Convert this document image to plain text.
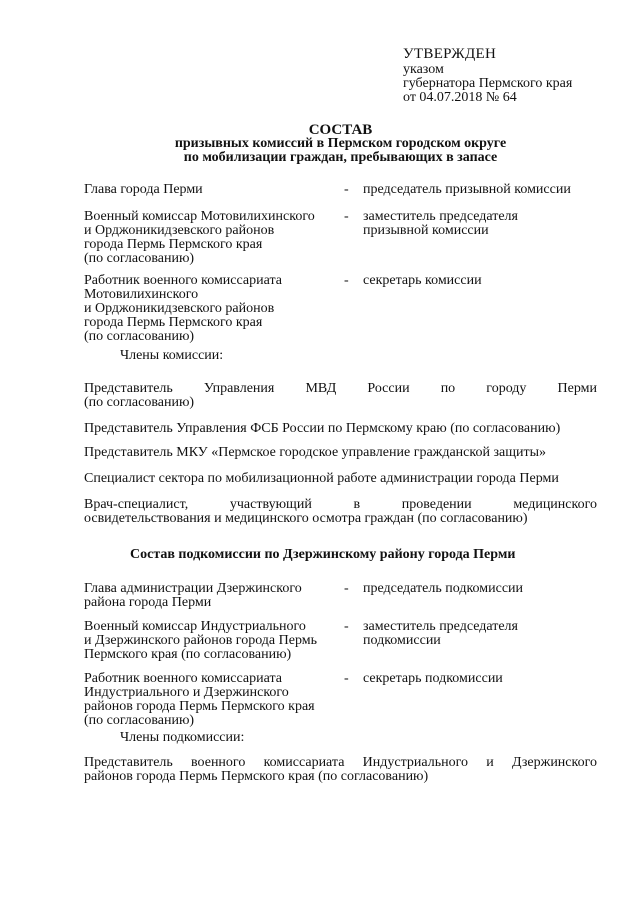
УТВЕРЖДЕН
указом
губернатора Пермского края
от 04.07.2018 № 64
СОСТАВ
призывных комиссий в Пермском городском округе
по мобилизации граждан, пребывающих в запасе
Глава города Перми	- председатель призывной комиссии
Военный комиссар Мотовилихинского
и Орджоникидзевского районов
города Пермь Пермского края
(по согласованию)
- заместитель председателя
призывной комиссии
Работник военного комиссариата
Мотовилихинского
и Орджоникидзевского районов
города Пермь Пермского края
(по согласованию)
- секретарь комиссии
Члены комиссии:
Представитель Управления МВД России по городу Перми
(по согласованию)
Представитель Управления ФСБ России по Пермскому краю (по согласованию)
Представитель МКУ «Пермское городское управление гражданской защиты»
Специалист сектора по мобилизационной работе администрации города Перми
Врач-специалист, участвующий в проведении медицинского
освидетельствования и медицинского осмотра граждан (по согласованию)
Состав подкомиссии по Дзержинскому району города Перми
Глава администрации Дзержинского
района города Перми
- председатель подкомиссии
Военный комиссар Индустриального
и Дзержинского районов города Пермь
Пермского края (по согласованию)
- заместитель председателя
подкомиссии
Работник военного комиссариата
Индустриального и Дзержинского
районов города Пермь Пермского края
(по согласованию)
- секретарь подкомиссии
Члены подкомиссии:
Представитель военного комиссариата Индустриального и Дзержинского
районов города Пермь Пермского края (по согласованию)
